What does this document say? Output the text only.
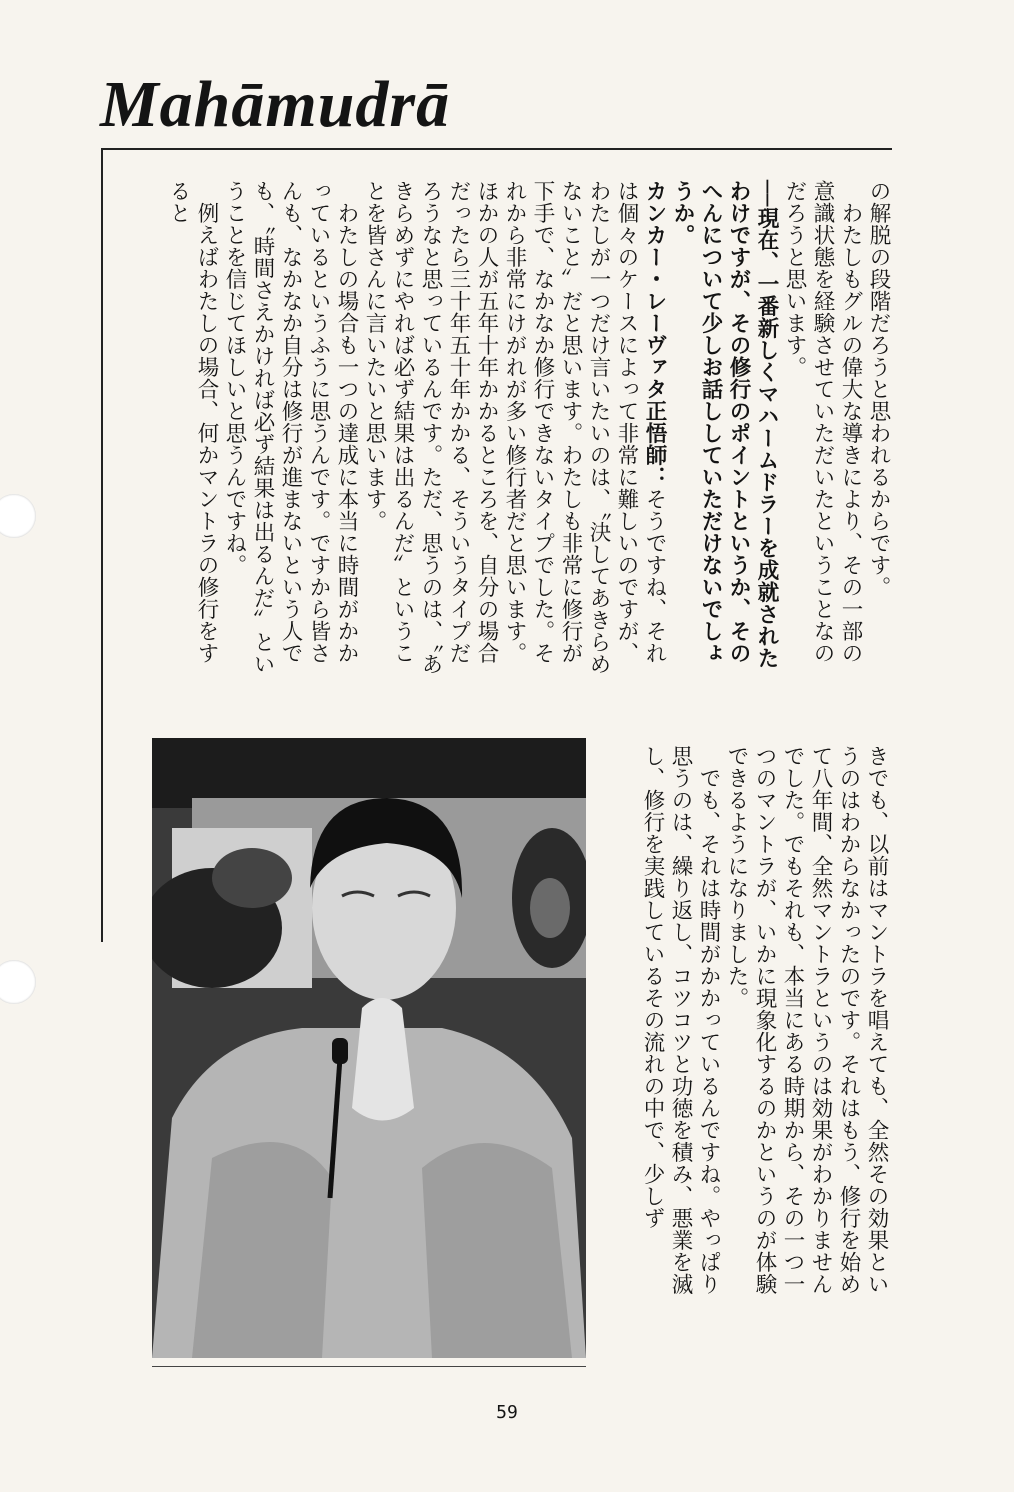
Mahāmudrā

の解脱の段階だろうと思われるからです。

わたしもグルの偉大な導きにより、その一部の意識状態を経験させていただいたということなのだろうと思います。

──現在、一番新しくマハームドラーを成就されたわけですが、その修行のポイントというか、そのへんについて少しお話ししていただけないでしょうか。

カンカー・レーヴァタ正悟師：そうですね、それは個々のケースによって非常に難しいのですが、わたしが一つだけ言いたいのは、〝決してあきらめないこと〟だと思います。わたしも非常に修行が下手で、なかなか修行できないタイプでした。それから非常にけがれが多い修行者だと思います。ほかの人が五年十年かかるところを、自分の場合だったら三十年五十年かかる、そういうタイプだろうなと思っているんです。ただ、思うのは、〝あきらめずにやれば必ず結果は出るんだ〟ということを皆さんに言いたいと思います。

わたしの場合も一つの達成に本当に時間がかかっているというふうに思うんです。ですから皆さんも、なかなか自分は修行が進まないという人でも、〝時間さえかければ必ず結果は出るんだ〟ということを信じてほしいと思うんですね。

例えばわたしの場合、何かマントラの修行をすると

きでも、以前はマントラを唱えても、全然その効果というのはわからなかったのです。それはもう、修行を始めて八年間、全然マントラというのは効果がわかりませんでした。でもそれも、本当にある時期から、その一つ一つのマントラが、いかに現象化するのかというのが体験できるようになりました。

でも、それは時間がかかっているんですね。やっぱり思うのは、繰り返し、コツコツと功徳を積み、悪業を滅し、修行を実践しているその流れの中で、少しず

59
